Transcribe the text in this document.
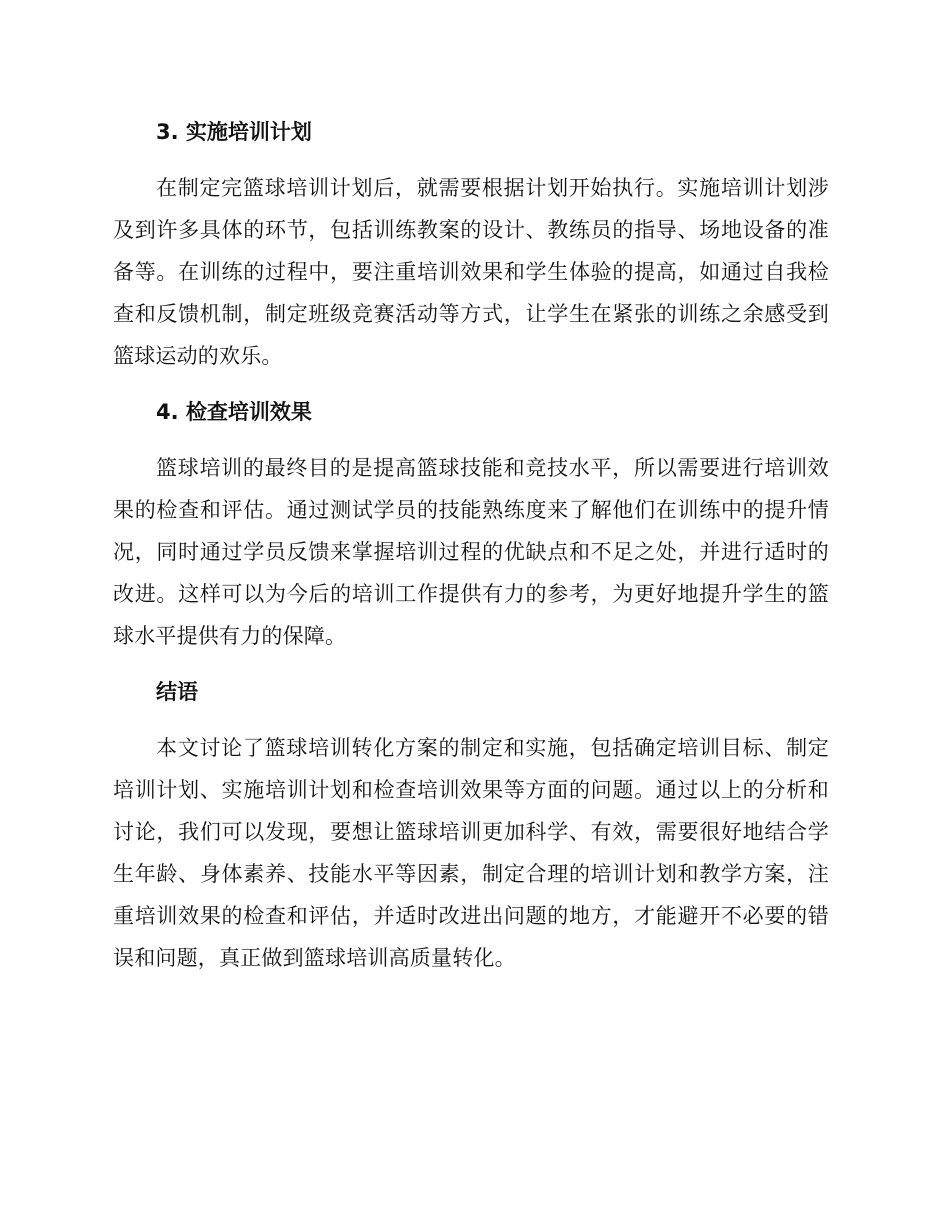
3. 实施培训计划

在制定完篮球培训计划后，就需要根据计划开始执行。实施培训计划涉及到许多具体的环节，包括训练教案的设计、教练员的指导、场地设备的准备等。在训练的过程中，要注重培训效果和学生体验的提高，如通过自我检查和反馈机制，制定班级竞赛活动等方式，让学生在紧张的训练之余感受到篮球运动的欢乐。

4. 检查培训效果

篮球培训的最终目的是提高篮球技能和竞技水平，所以需要进行培训效果的检查和评估。通过测试学员的技能熟练度来了解他们在训练中的提升情况，同时通过学员反馈来掌握培训过程的优缺点和不足之处，并进行适时的改进。这样可以为今后的培训工作提供有力的参考，为更好地提升学生的篮球水平提供有力的保障。

结语

本文讨论了篮球培训转化方案的制定和实施，包括确定培训目标、制定培训计划、实施培训计划和检查培训效果等方面的问题。通过以上的分析和讨论，我们可以发现，要想让篮球培训更加科学、有效，需要很好地结合学生年龄、身体素养、技能水平等因素，制定合理的培训计划和教学方案，注重培训效果的检查和评估，并适时改进出问题的地方，才能避开不必要的错误和问题，真正做到篮球培训高质量转化。
